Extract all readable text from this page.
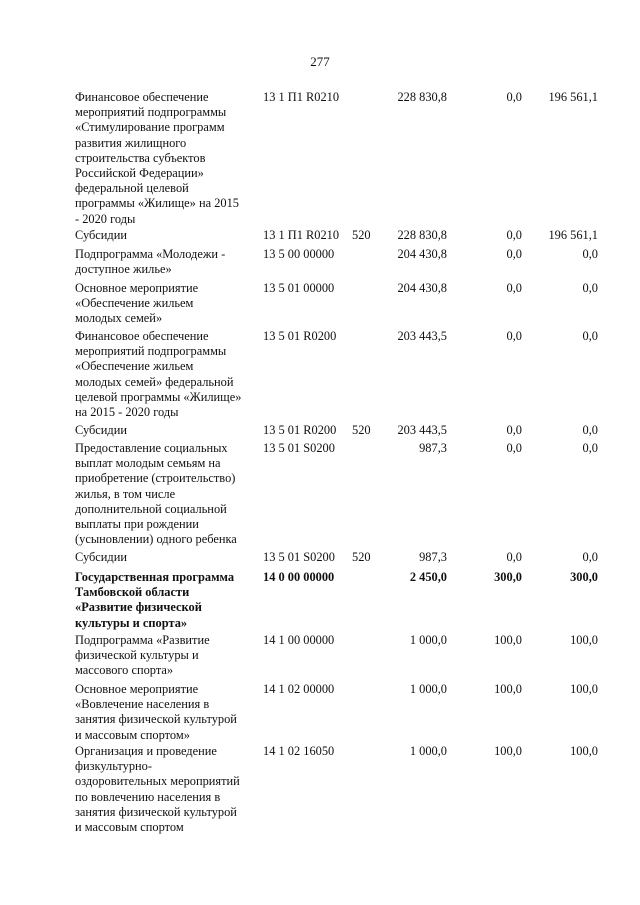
277
Финансовое обеспечение
мероприятий подпрограммы
«Стимулирование программ
развития жилищного
строительства субъектов
Российской Федерации»
федеральной целевой
программы «Жилище» на 2015
- 2020 годы
13 1 П1 R0210	228 830,8	0,0	196 561,1
Субсидии	13 1 П1 R0210	520	228 830,8	0,0	196 561,1
Подпрограмма «Молодежи -
доступное жилье»
13 5 00 00000	204 430,8	0,0	0,0
Основное мероприятие
«Обеспечение жильем
молодых семей»
13 5 01 00000	204 430,8	0,0	0,0
Финансовое обеспечение
мероприятий подпрограммы
«Обеспечение жильем
молодых семей» федеральной
целевой программы «Жилище»
на 2015 - 2020 годы
13 5 01 R0200	203 443,5	0,0	0,0
Субсидии	13 5 01 R0200	520	203 443,5	0,0	0,0
Предоставление социальных
выплат молодым семьям на
приобретение (строительство)
жилья, в том числе
дополнительной социальной
выплаты при рождении
(усыновлении) одного ребенка
13 5 01 S0200	987,3	0,0	0,0
Субсидии	13 5 01 S0200	520	987,3	0,0	0,0
Государственная программа
Тамбовской области
«Развитие физической
культуры и спорта»
14 0 00 00000	2 450,0	300,0	300,0
Подпрограмма «Развитие
физической культуры и
массового спорта»
14 1 00 00000	1 000,0	100,0	100,0
Основное мероприятие
«Вовлечение населения в
занятия физической культурой
и массовым спортом»
14 1 02 00000	1 000,0	100,0	100,0
Организация и проведение
физкультурно-
оздоровительных мероприятий
по вовлечению населения в
занятия физической культурой
и массовым спортом
14 1 02 16050	1 000,0	100,0	100,0
